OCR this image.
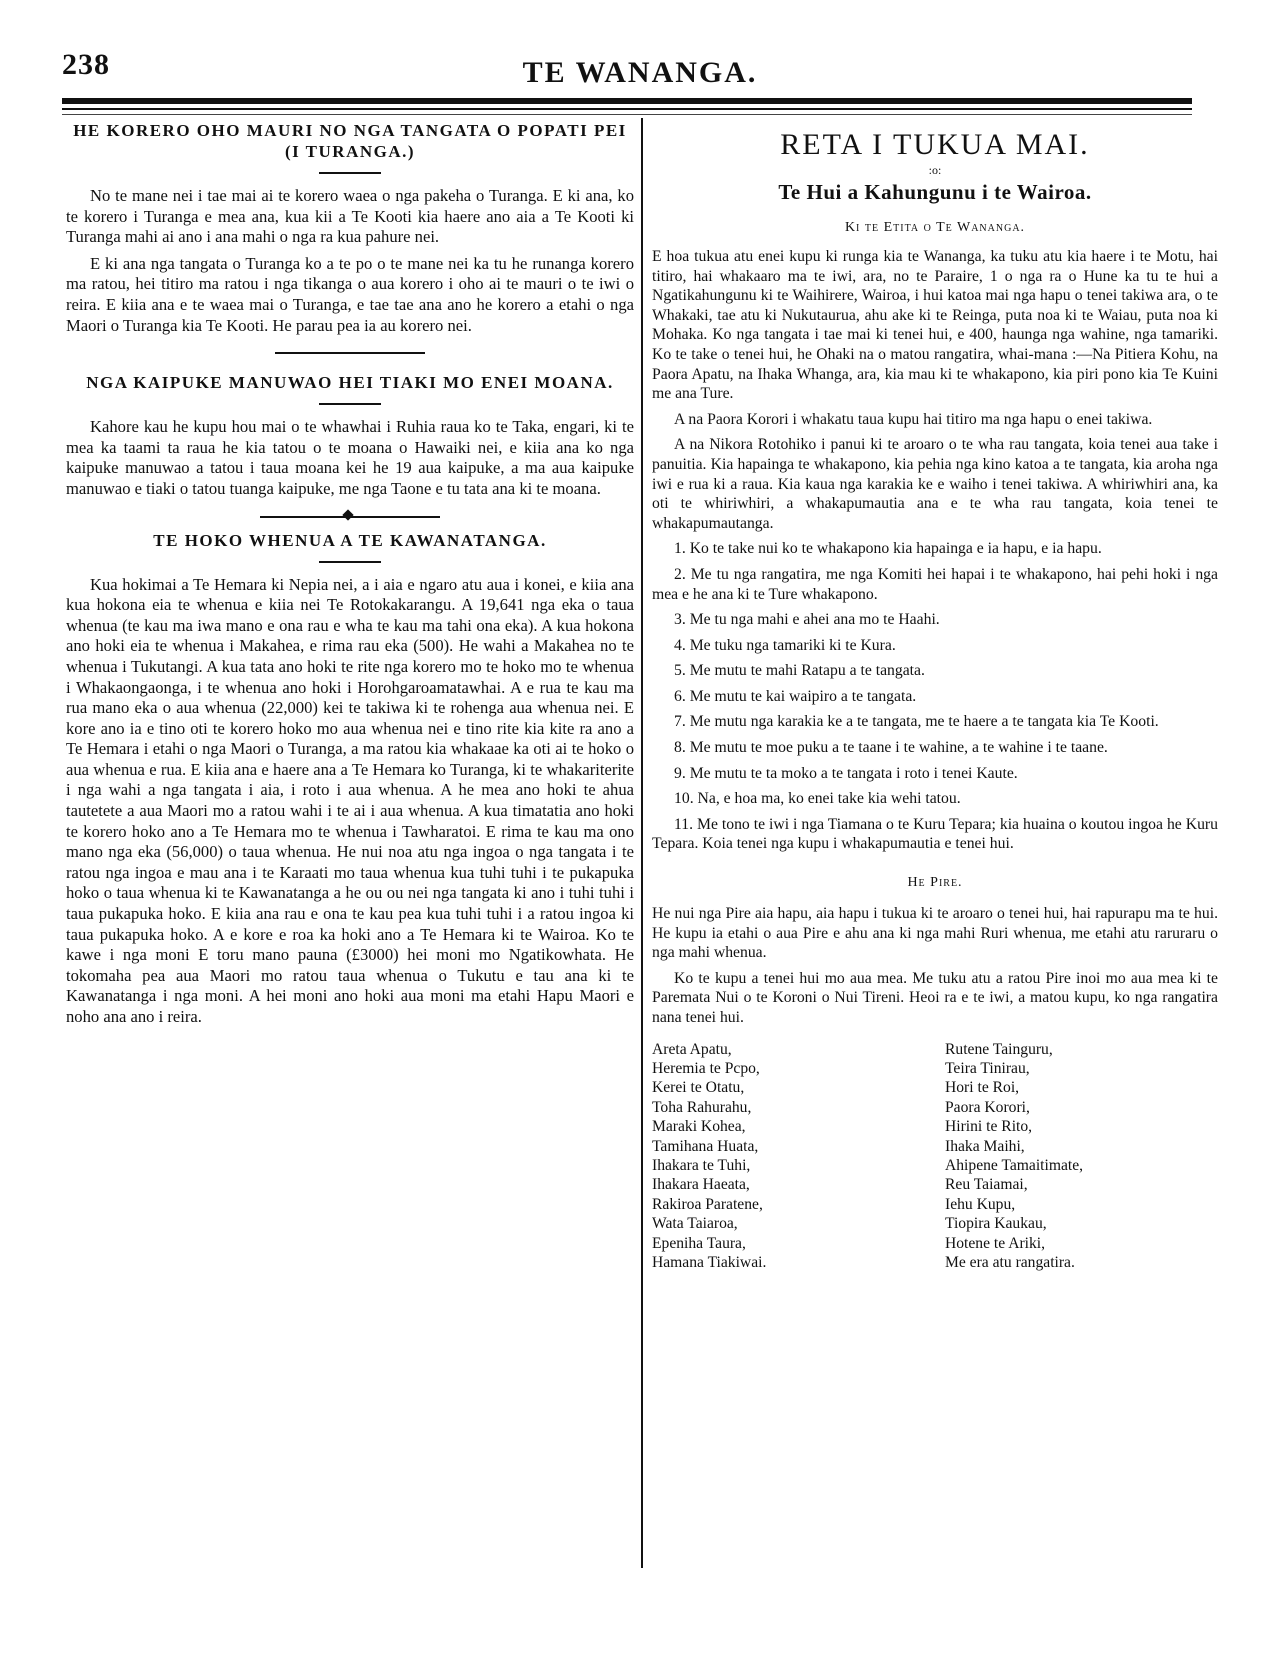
238	TE WANANGA.
HE KORERO OHO MAURI NO NGA TANGATA O POPATI PEI (I TURANGA.)

No te mane nei i tae mai ai te korero waea o nga pakeha o Turanga. E ki ana, ko te korero i Turanga e mea ana, kua kii a Te Kooti kia haere ano aia a Te Kooti ki Turanga mahi ai ano i ana mahi o nga ra kua pahure nei.

E ki ana nga tangata o Turanga ko a te po o te mane nei ka tu he runanga korero ma ratou, hei titiro ma ratou i nga tikanga o aua korero i oho ai te mauri o te iwi o reira. E kiia ana e te waea mai o Turanga, e tae tae ana ano he korero a etahi o nga Maori o Turanga kia Te Kooti. He parau pea ia au korero nei.

NGA KAIPUKE MANUWAO HEI TIAKI MO ENEI MOANA.

Kahore kau he kupu hou mai o te whawhai i Ruhia raua ko te Taka, engari, ki te mea ka taami ta raua he kia tatou o te moana o Hawaiki nei, e kiia ana ko nga kaipuke manuwao a tatou i taua moana kei he 19 aua kaipuke, a ma aua kaipuke manuwao e tiaki o tatou tuanga kaipuke, me nga Taone e tu tata ana ki te moana.

TE HOKO WHENUA A TE KAWANATANGA.

Kua hokimai a Te Hemara ki Nepia nei, a i aia e ngaro atu aua i konei, e kiia ana kua hokona eia te whenua e kiia nei Te Rotokakarangu. A 19,641 nga eka o taua whenua (te kau ma iwa mano e ona rau e wha te kau ma tahi ona eka). A kua hokona ano hoki eia te whenua i Makahea, e rima rau eka (500). He wahi a Makahea no te whenua i Tukutangi. A kua tata ano hoki te rite nga korero mo te hoko mo te whenua i Whakaongaonga, i te whenua ano hoki i Horohgaroamatawhai. A e rua te kau ma rua mano eka o aua whenua (22,000) kei te takiwa ki te rohenga aua whenua nei. E kore ano ia e tino oti te korero hoko mo aua whenua nei e tino rite kia kite ra ano a Te Hemara i etahi o nga Maori o Turanga, a ma ratou kia whakaae ka oti ai te hoko o aua whenua e rua. E kiia ana e haere ana a Te Hemara ko Turanga, ki te whakariterite i nga wahi a nga tangata i aia, i roto i aua whenua. A he mea ano hoki te ahua tautetete a aua Maori mo a ratou wahi i te ai i aua whenua. A kua timatatia ano hoki te korero hoko ano a Te Hemara mo te whenua i Tawharatoi. E rima te kau ma ono mano nga eka (56,000) o taua whenua. He nui noa atu nga ingoa o nga tangata i te ratou nga ingoa e mau ana i te Karaati mo taua whenua kua tuhi tuhi i te pukapuka hoko o taua whenua ki te Kawanatanga a he ou ou nei nga tangata ki ano i tuhi tuhi i taua pukapuka hoko. E kiia ana rau e ona te kau pea kua tuhi tuhi i a ratou ingoa ki taua pukapuka hoko. A e kore e roa ka hoki ano a Te Hemara ki te Wairoa. Ko te kawe i nga moni E toru mano pauna (£3000) hei moni mo Ngatikowhata. He tokomaha pea aua Maori mo ratou taua whenua o Tukutu e tau ana ki te Kawanatanga i nga moni. A hei moni ano hoki aua moni ma etahi Hapu Maori e noho ana ano i reira.

RETA I TUKUA MAI.
:o:
Te Hui a Kahungunu i te Wairoa.
Ki te Etita o Te Wananga.

E hoa tukua atu enei kupu ki runga kia te Wananga, ka tuku atu kia haere i te Motu, hai titiro, hai whakaaro ma te iwi, ara, no te Paraire, 1 o nga ra o Hune ka tu te hui a Ngatikahungunu ki te Waihirere, Wairoa, i hui katoa mai nga hapu o tenei takiwa ara, o te Whakaki, tae atu ki Nukutaurua, ahu ake ki te Reinga, puta noa ki te Waiau, puta noa ki Mohaka. Ko nga tangata i tae mai ki tenei hui, e 400, haunga nga wahine, nga tamariki. Ko te take o tenei hui, he Ohaki na o matou rangatira, whai-mana :—Na Pitiera Kohu, na Paora Apatu, na Ihaka Whanga, ara, kia mau ki te whakapono, kia piri pono kia Te Kuini me ana Ture.

A na Paora Korori i whakatu taua kupu hai titiro ma nga hapu o enei takiwa.

A na Nikora Rotohiko i panui ki te aroaro o te wha rau tangata, koia tenei aua take i panuitia. Kia hapainga te whakapono, kia pehia nga kino katoa a te tangata, kia aroha nga iwi e rua ki a raua. Kia kaua nga karakia ke e waiho i tenei takiwa. A whiriwhiri ana, ka oti te whiriwhiri, a whakapumautia ana e te wha rau tangata, koia tenei te whakapumautanga.

1. Ko te take nui ko te whakapono kia hapainga e ia hapu, e ia hapu.

2. Me tu nga rangatira, me nga Komiti hei hapai i te whakapono, hai pehi hoki i nga mea e he ana ki te Ture whakapono.

3. Me tu nga mahi e ahei ana mo te Haahi.

4. Me tuku nga tamariki ki te Kura.

5. Me mutu te mahi Ratapu a te tangata.

6. Me mutu te kai waipiro a te tangata.

7. Me mutu nga karakia ke a te tangata, me te haere a te tangata kia Te Kooti.

8. Me mutu te moe puku a te taane i te wahine, a te wahine i te taane.

9. Me mutu te ta moko a te tangata i roto i tenei Kaute.

10. Na, e hoa ma, ko enei take kia wehi tatou.

11. Me tono te iwi i nga Tiamana o te Kuru Tepara; kia huaina o koutou ingoa he Kuru Tepara. Koia tenei nga kupu i whakapumautia e tenei hui.

He Pire.

He nui nga Pire aia hapu, aia hapu i tukua ki te aroaro o tenei hui, hai rapurapu ma te hui. He kupu ia etahi o aua Pire e ahu ana ki nga mahi Ruri whenua, me etahi atu raruraru o nga mahi whenua.

Ko te kupu a tenei hui mo aua mea. Me tuku atu a ratou Pire inoi mo aua mea ki te Paremata Nui o te Koroni o Nui Tireni. Heoi ra e te iwi, a matou kupu, ko nga rangatira nana tenei hui.

Areta Apatu,
Heremia te Pcpo,
Kerei te Otatu,
Toha Rahurahu,
Maraki Kohea,
Tamihana Huata,
Ihakara te Tuhi,
Ihakara Haeata,
Rakiroa Paratene,
Wata Taiaroa,
Epeniha Taura,
Hamana Tiakiwai.
Rutene Tainguru,
Teira Tinirau,
Hori te Roi,
Paora Korori,
Hirini te Rito,
Ihaka Maihi,
Ahipene Tamaitimate,
Reu Taiamai,
Iehu Kupu,
Tiopira Kaukau,
Hotene te Ariki,
Me era atu rangatira.
